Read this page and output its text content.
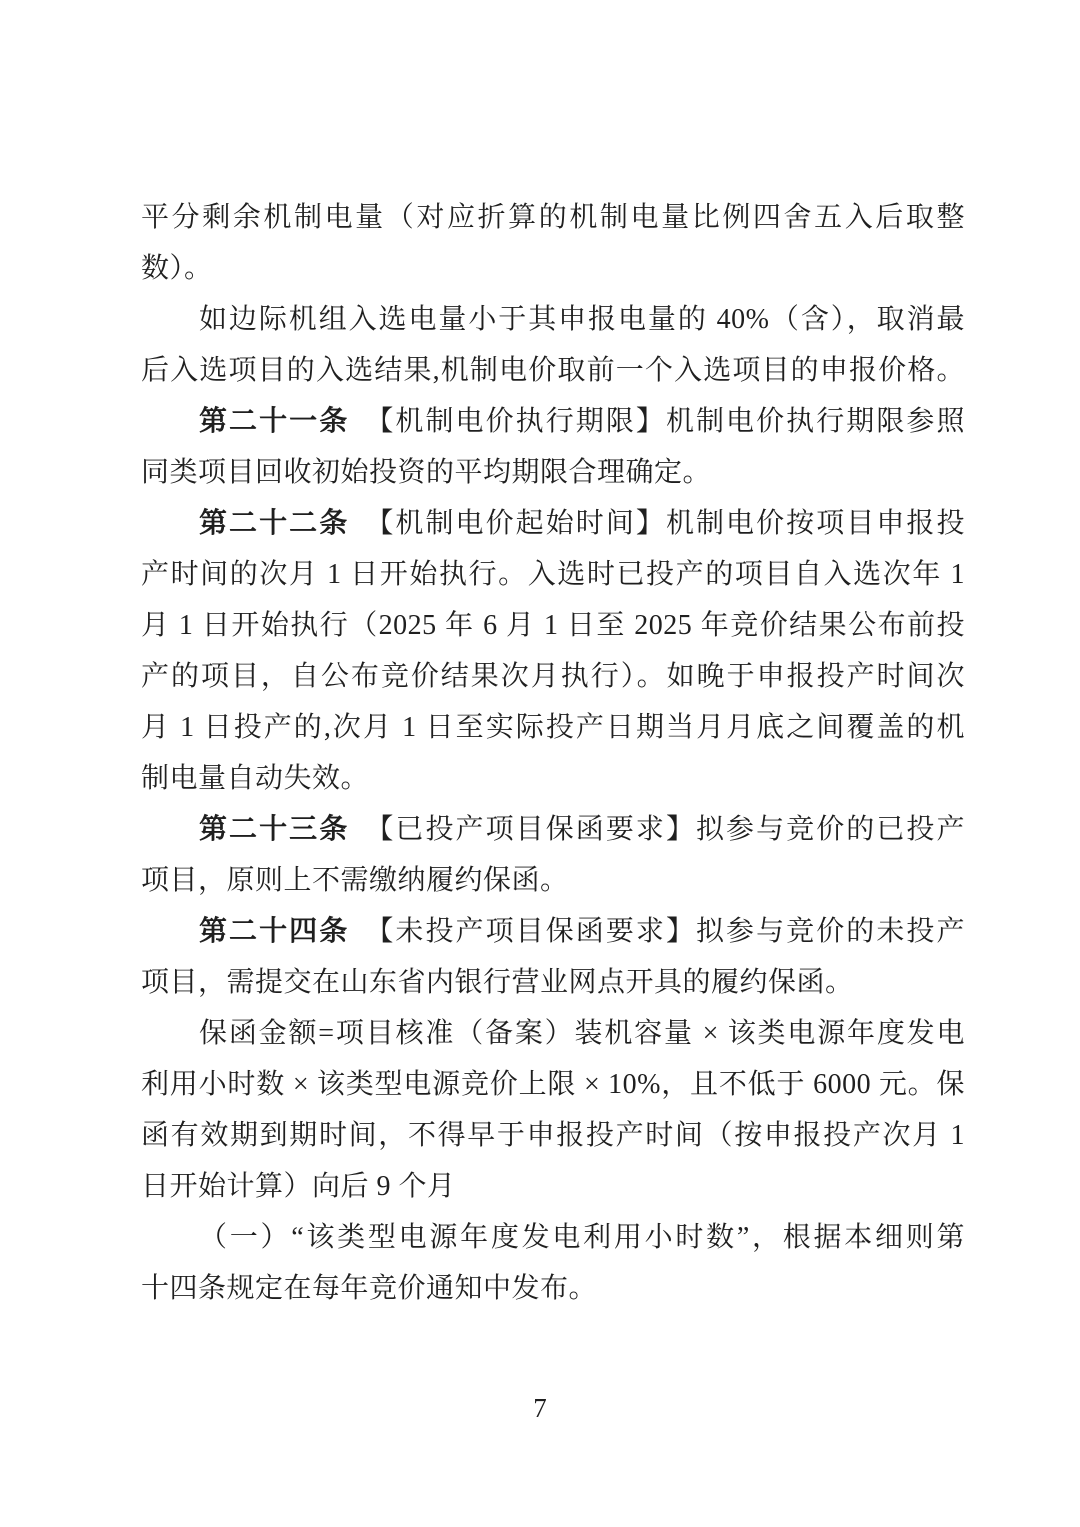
平分剩余机制电量（对应折算的机制电量比例四舍五入后取整
数）。
如边际机组入选电量小于其申报电量的 40%（含），取消最
后入选项目的入选结果,机制电价取前一个入选项目的申报价格。
第二十一条　【机制电价执行期限】机制电价执行期限参照
同类项目回收初始投资的平均期限合理确定。
第二十二条　【机制电价起始时间】机制电价按项目申报投
产时间的次月 1 日开始执行。入选时已投产的项目自入选次年 1
月 1 日开始执行（2025 年 6 月 1 日至 2025 年竞价结果公布前投
产的项目，自公布竞价结果次月执行）。如晚于申报投产时间次
月 1 日投产的,次月 1 日至实际投产日期当月月底之间覆盖的机
制电量自动失效。
第二十三条　【已投产项目保函要求】拟参与竞价的已投产
项目，原则上不需缴纳履约保函。
第二十四条　【未投产项目保函要求】拟参与竞价的未投产
项目，需提交在山东省内银行营业网点开具的履约保函。
保函金额=项目核准（备案）装机容量 × 该类电源年度发电
利用小时数 × 该类型电源竞价上限 × 10%，且不低于 6000 元。保
函有效期到期时间，不得早于申报投产时间（按申报投产次月 1
日开始计算）向后 9 个月
（一）“该类型电源年度发电利用小时数”，根据本细则第
十四条规定在每年竞价通知中发布。
7
